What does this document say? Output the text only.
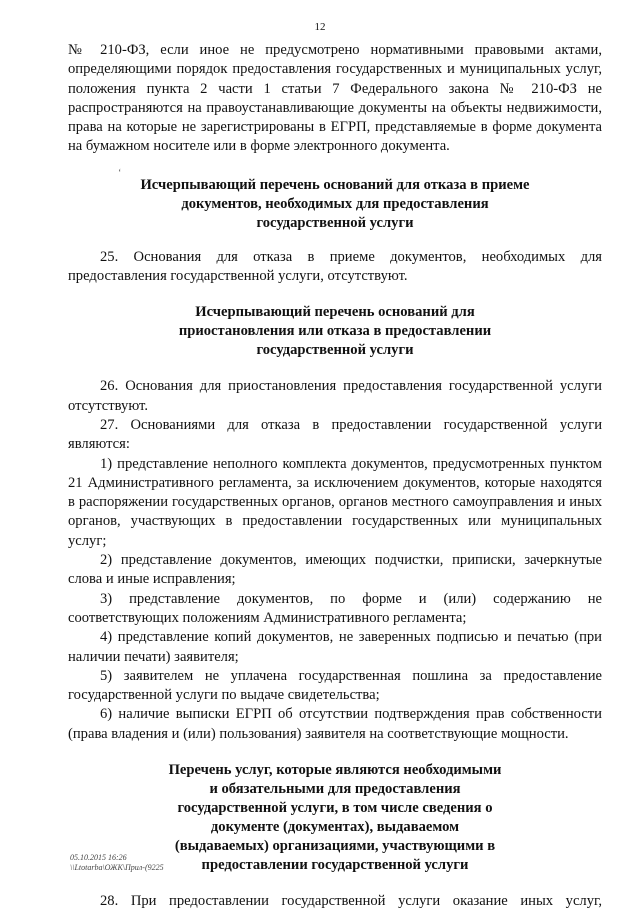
12
‘

№ 210-ФЗ, если иное не предусмотрено нормативными правовыми актами, определяющими порядок предоставления государственных и муниципальных услуг, положения пункта 2 части 1 статьи 7 Федерального закона № 210-ФЗ не распространяются на правоустанавливающие документы на объекты недвижимости, права на которые не зарегистрированы в ЕГРП, представляемые в форме документа на бумажном носителе или в форме электронного документа.

Исчерпывающий перечень оснований для отказа в приеме

документов, необходимых для предоставления

государственной услуги

25. Основания для отказа в приеме документов, необходимых для предоставления государственной услуги, отсутствуют.

Исчерпывающий перечень оснований для

приостановления или отказа в предоставлении

государственной услуги

26. Основания для приостановления предоставления государственной услуги отсутствуют.

27. Основаниями для отказа в предоставлении государственной услуги являются:

1) представление неполного комплекта документов, предусмотренных пунктом 21 Административного регламента, за исключением документов, которые находятся в распоряжении государственных органов, органов местного самоуправления и иных органов, участвующих в предоставлении государственных или муниципальных услуг;

2) представление документов, имеющих подчистки, приписки, зачеркнутые слова и иные исправления;

3) представление документов, по форме и (или) содержанию не соответствующих положениям Административного регламента;

4) представление копий документов, не заверенных подписью и печатью (при наличии печати) заявителя;

5) заявителем не уплачена государственная пошлина за предоставление государственной услуги по выдаче свидетельства;

6) наличие выписки ЕГРП об отсутствии подтверждения прав собственности (права владения и (или) пользования) заявителя на соответствующие мощности.

Перечень услуг, которые являются необходимыми

и обязательными для предоставления

государственной услуги, в том числе сведения о

документе (документах), выдаваемом

(выдаваемых) организациями, участвующими в

предоставлении государственной услуги

28. При предоставлении государственной услуги оказание иных услуг,

05.10.2015 16:26
\\Ltotarba\ОЖК\Прил-(9225
